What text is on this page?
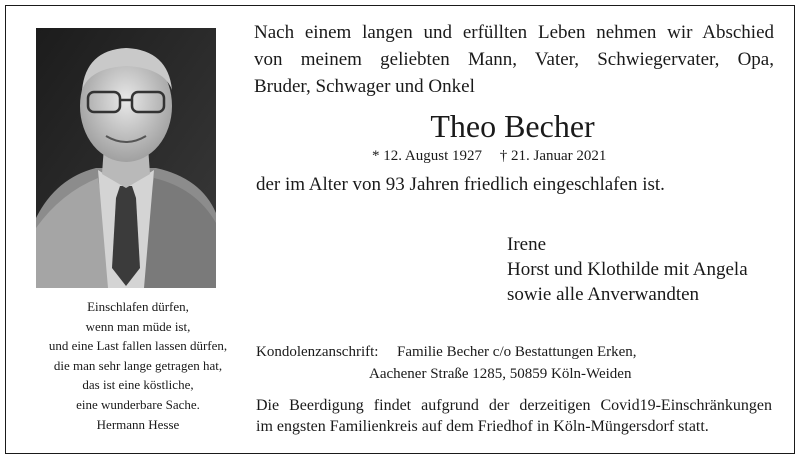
Einschlafen dürfen,
wenn man müde ist,
und eine Last fallen lassen dürfen,
die man sehr lange getragen hat,
das ist eine köstliche,
eine wunderbare Sache.
Hermann Hesse
Nach einem langen und erfüllten Leben nehmen wir Abschied
von meinem geliebten Mann, Vater, Schwiegervater, Opa,
Bruder, Schwager und Onkel
Theo Becher
* 12. August 1927 † 21. Januar 2021
der im Alter von 93 Jahren friedlich eingeschlafen ist.
Irene
Horst und Klothilde mit Angela
sowie alle Anverwandten
Kondolenzanschrift: Familie Becher c/o Bestattungen Erken,
Aachener Straße 1285, 50859 Köln-Weiden
Die Beerdigung findet aufgrund der derzeitigen Covid19-Einschränkungen
im engsten Familienkreis auf dem Friedhof in Köln-Müngersdorf statt.
